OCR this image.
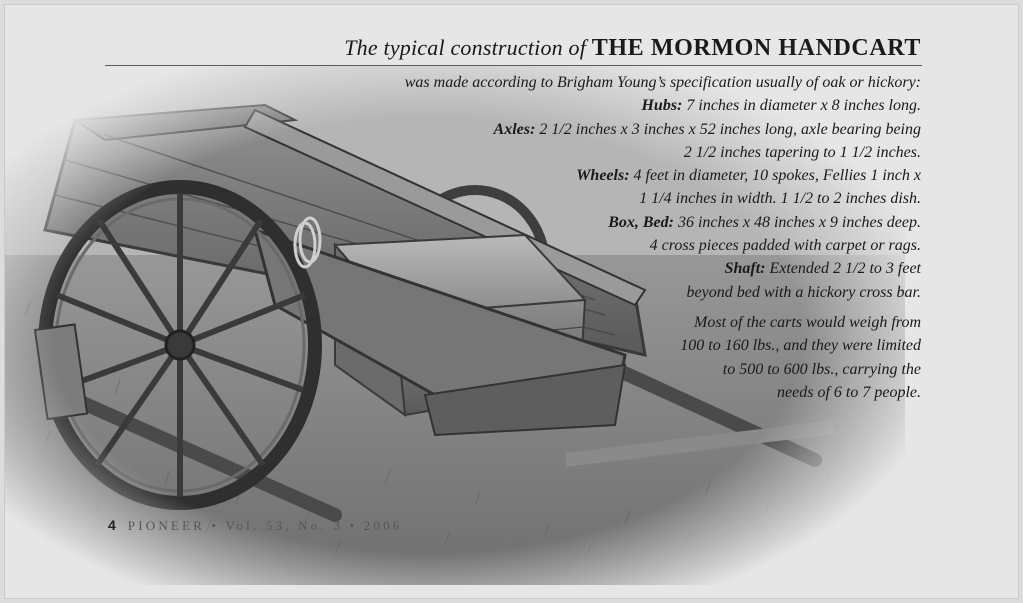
The typical construction of THE MORMON HANDCART
was made according to Brigham Young’s specification usually of oak or hickory:
Hubs: 7 inches in diameter x 8 inches long.
Axles: 2 1/2 inches x 3 inches x 52 inches long, axle bearing being
2 1/2 inches tapering to 1 1/2 inches.
Wheels: 4 feet in diameter, 10 spokes, Fellies 1 inch x
1 1/4 inches in width. 1 1/2 to 2 inches dish.
Box, Bed: 36 inches x 48 inches x 9 inches deep.
4 cross pieces padded with carpet or rags.
Shaft: Extended 2 1/2 to 3 feet
beyond bed with a hickory cross bar.
Most of the carts would weigh from
100 to 160 lbs., and they were limited
to 500 to 600 lbs., carrying the
needs of 6 to 7 people.
4 PIONEER • Vol. 53, No. 3 • 2006
